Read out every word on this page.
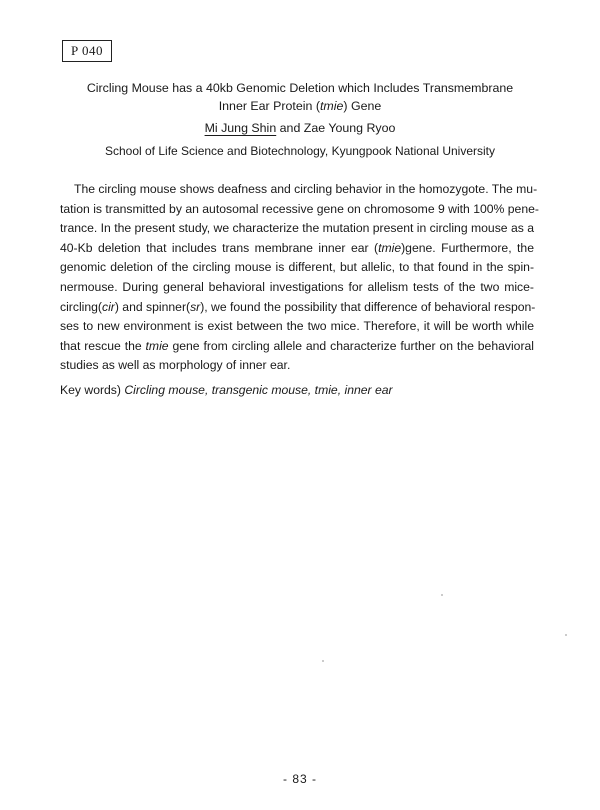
P 040
Circling Mouse has a 40kb Genomic Deletion which Includes Transmembrane
Inner Ear Protein (tmie) Gene
Mi Jung Shin and Zae Young Ryoo
School of Life Science and Biotechnology, Kyungpook National University
The circling mouse shows deafness and circling behavior in the homozygote. The mu-
tation is transmitted by an autosomal recessive gene on chromosome 9 with 100% pene-
trance. In the present study, we characterize the mutation present in circling mouse as a
40-Kb deletion that includes trans membrane inner ear (tmie)gene. Furthermore, the
genomic deletion of the circling mouse is different, but allelic, to that found in the spin-
nermouse. During general behavioral investigations for allelism tests of the two mice-
circling(cir) and spinner(sr), we found the possibility that difference of behavioral respon-
ses to new environment is exist between the two mice. Therefore, it will be worth while
that rescue the tmie gene from circling allele and characterize further on the behavioral
studies as well as morphology of inner ear.
Key words) Circling mouse, transgenic mouse, tmie, inner ear
- 83 -
